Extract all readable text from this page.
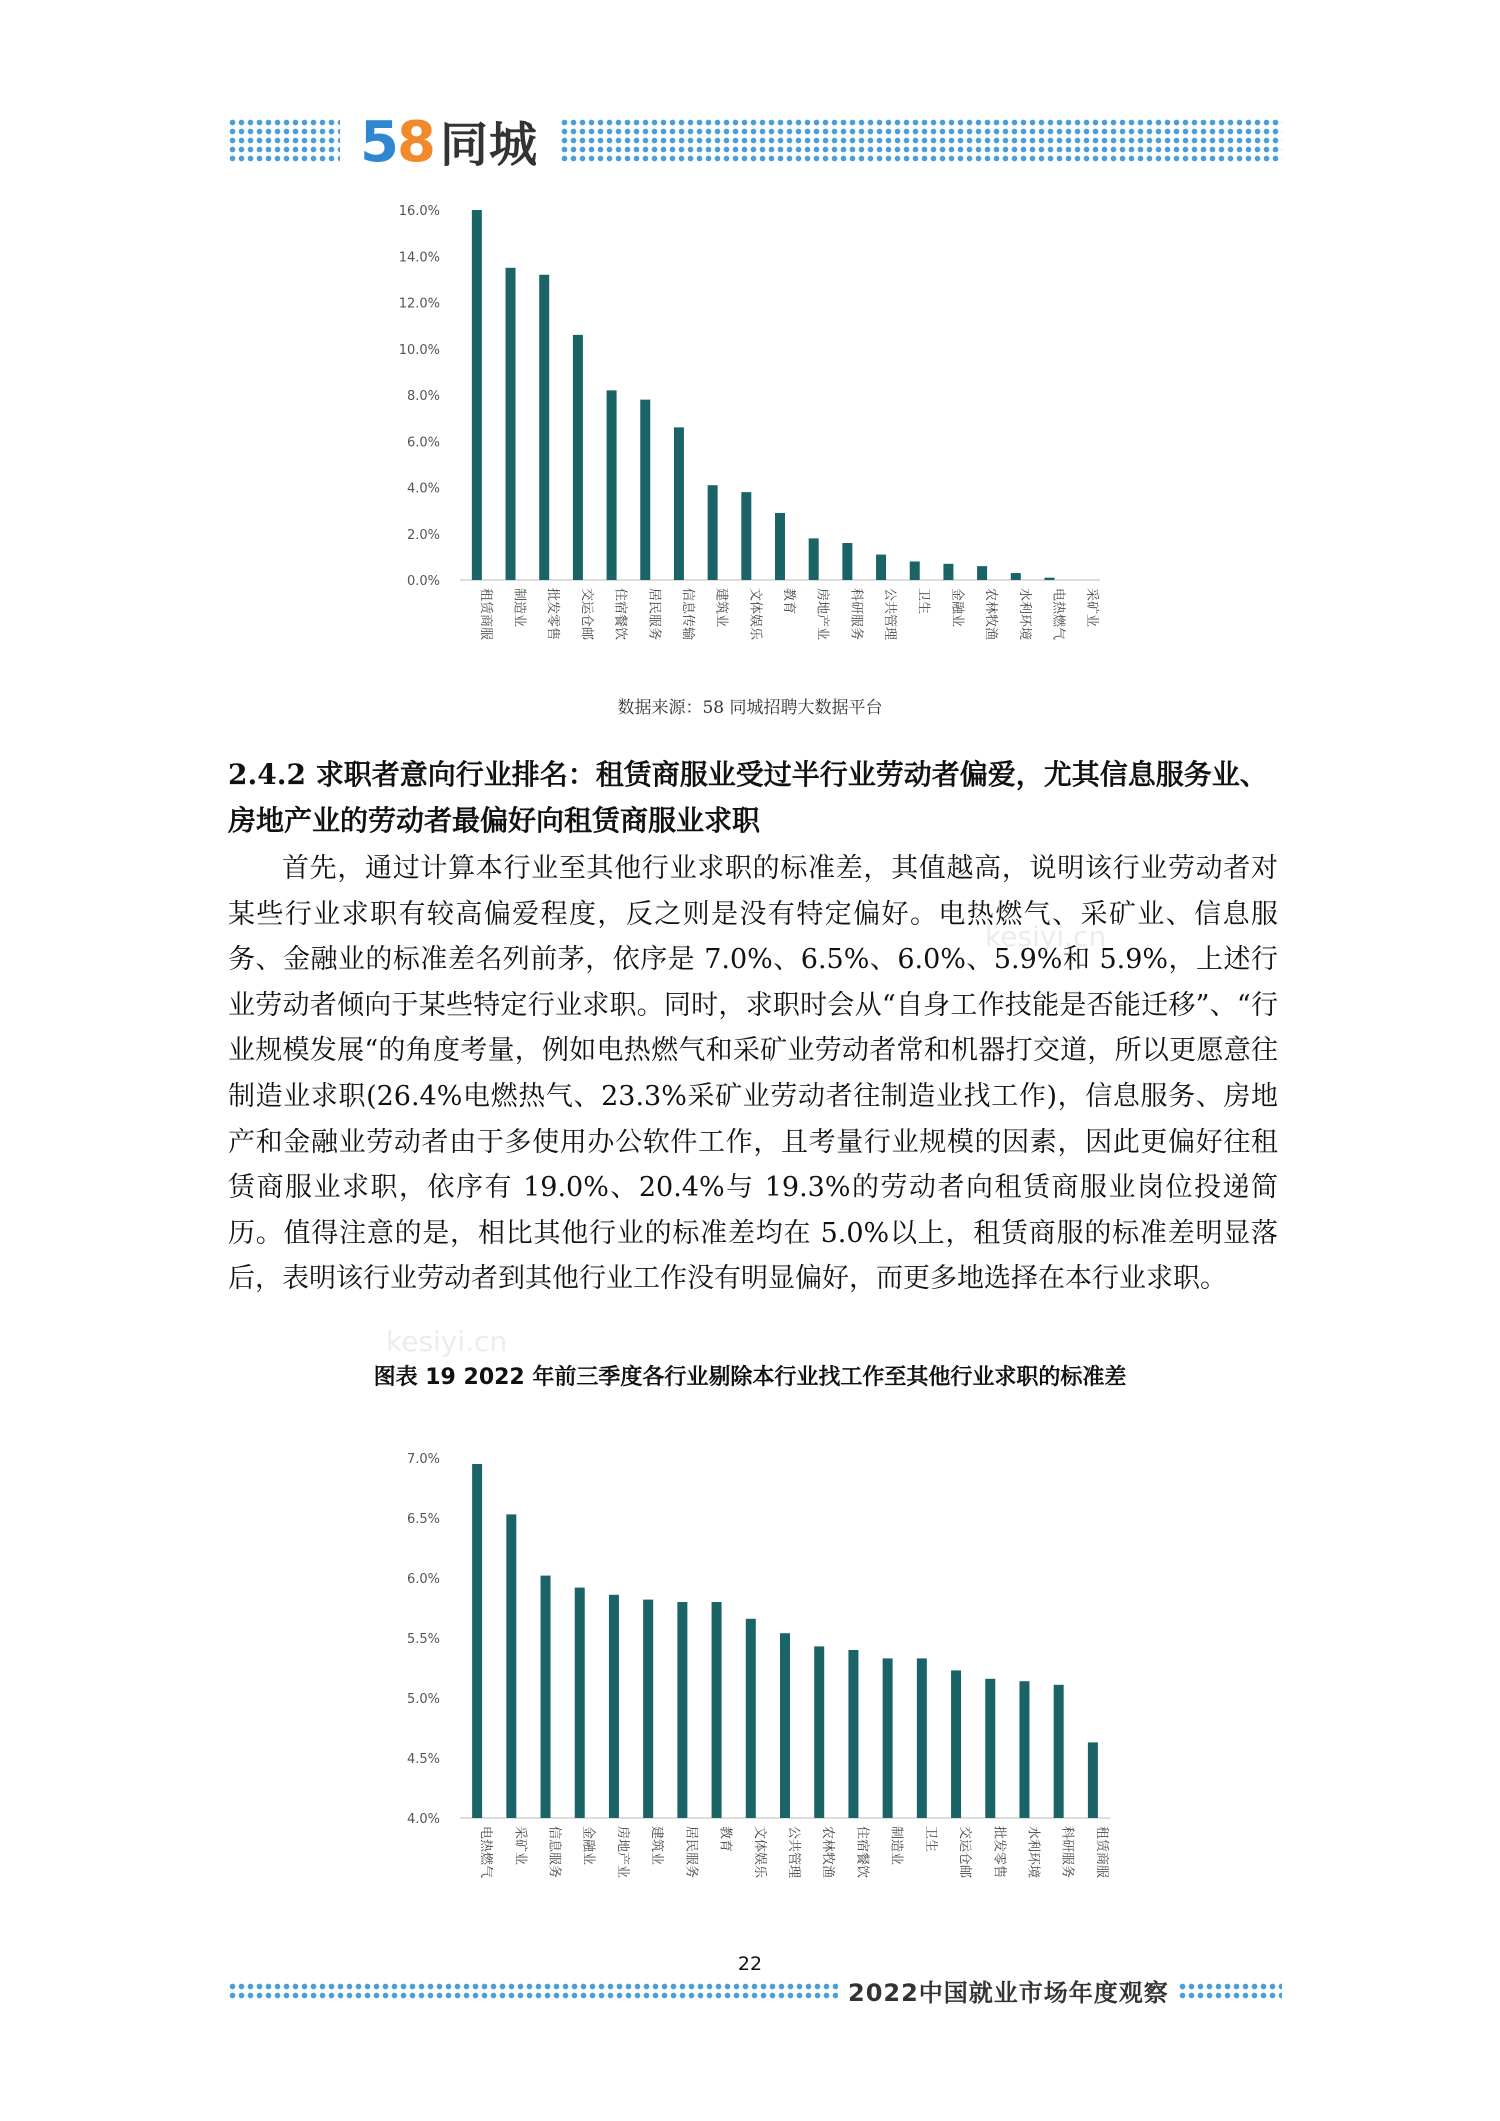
5
8 同城
0.0%
2.0%
4.0%
6.0%
8.0%
10.0%
12.0%
14.0%
16.0%
租赁商服 制造业 批发零售 交运仓邮 住宿餐饮 居民服务 信息传输 建筑业 文体娱乐 教育 房地产业 科研服务 公共管理 卫生 金融业 农林牧渔 水利环境 电热燃气 采矿业
数据来源：58 同城招聘大数据平台
2.4.2 求职者意向行业排名：租赁商服业受过半行业劳动者偏爱，尤其信息服务业、房地产业的劳动者最偏好向租赁商服业求职
首先，通过计算本行业至其他行业求职的标准差，其值越高，说明该行业劳动者对某些行业求职有较高偏爱程度，反之则是没有特定偏好。电热燃气、采矿业、信息服务、金融业的标准差名列前茅，依序是 7.0%、6.5%、6.0%、5.9%和 5.9%，上述行业劳动者倾向于某些特定行业求职。同时，求职时会从“自身工作技能是否能迁移”、“行业规模发展“的角度考量，例如电热燃气和采矿业劳动者常和机器打交道，所以更愿意往制造业求职(26.4%电燃热气、23.3%采矿业劳动者往制造业找工作)，信息服务、房地产和金融业劳动者由于多使用办公软件工作，且考量行业规模的因素，因此更偏好往租赁商服业求职，依序有 19.0%、20.4%与 19.3%的劳动者向租赁商服业岗位投递简历。值得注意的是，相比其他行业的标准差均在 5.0%以上，租赁商服的标准差明显落后，表明该行业劳动者到其他行业工作没有明显偏好，而更多地选择在本行业求职。
图表 19 2022 年前三季度各行业剔除本行业找工作至其他行业求职的标准差
4.0%
4.5%
5.0%
5.5%
6.0%
6.5%
7.0%
电热燃气 采矿业 信息服务 金融业 房地产业 建筑业 居民服务 教育 文体娱乐 公共管理 农林牧渔 住宿餐饮 制造业 卫生 交运仓邮 批发零售 水利环境 科研服务 租赁商服
kesiyi.cn
kesiyi.cn
22
2022中国就业市场年度观察
